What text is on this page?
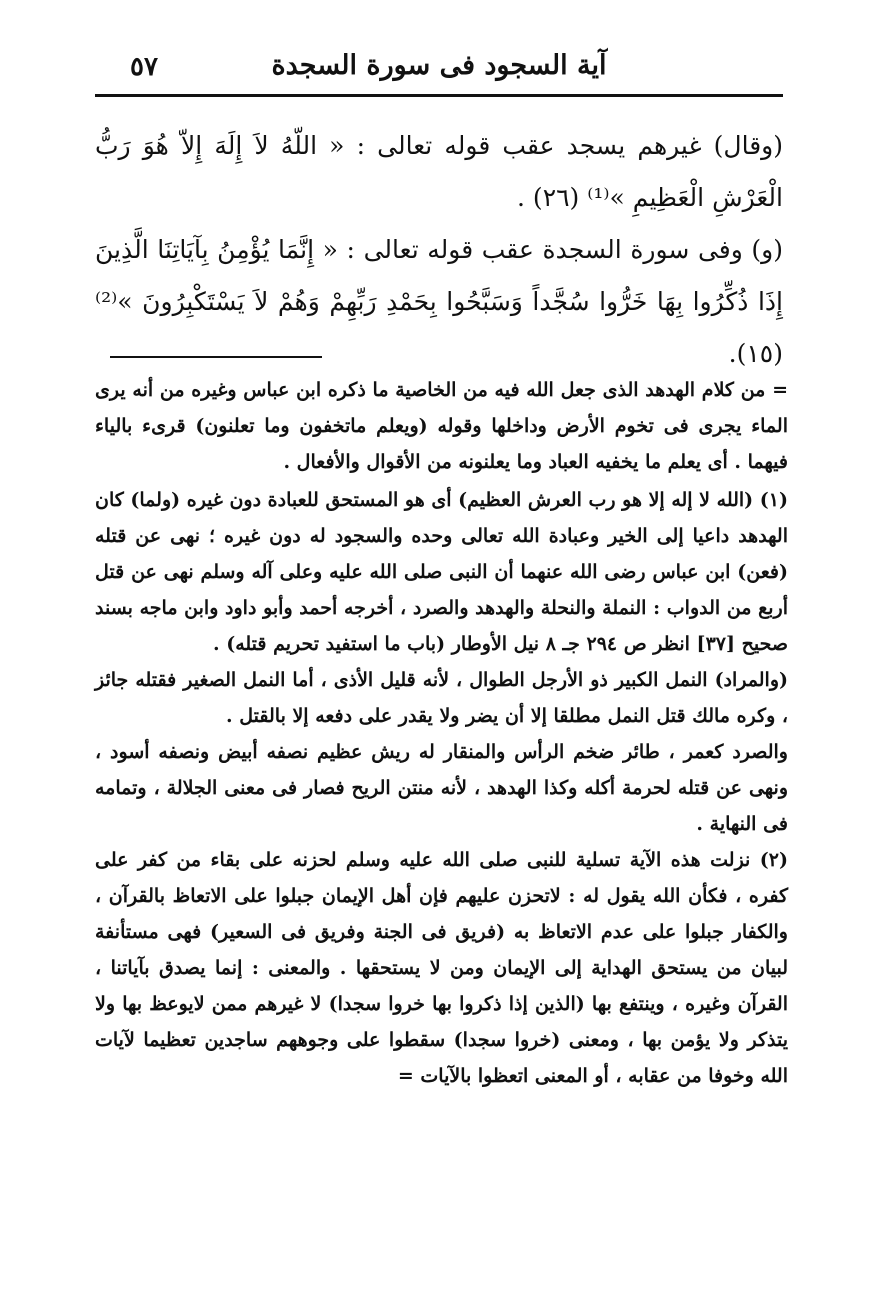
آية السجود فى سورة السجدة
٥٧

(وقال) غيرهم يسجد عقب قوله تعالى : « اللّهُ لاَ إِلَهَ إِلاّ هُوَ رَبُّ الْعَرْشِ الْعَظِيمِ »⁽¹⁾ (٢٦) .

(و) وفى سورة السجدة عقب قوله تعالى : « إِنَّمَا يُؤْمِنُ بِآيَاتِنَا الَّذِينَ إِذَا ذُكِّرُوا بِهَا خَرُّوا سُجَّداً وَسَبَّحُوا بِحَمْدِ رَبِّهِمْ وَهُمْ لاَ يَسْتَكْبِرُونَ »⁽²⁾ (١٥).

= من كلام الهدهد الذى جعل الله فيه من الخاصية ما ذكره ابن عباس وغيره من أنه يرى الماء يجرى فى تخوم الأرض وداخلها وقوله (ويعلم ماتخفون وما تعلنون) قرىء بالياء فيهما . أى يعلم ما يخفيه العباد وما يعلنونه من الأقوال والأفعال .

(١) (الله لا إله إلا هو رب العرش العظيم) أى هو المستحق للعبادة دون غيره (ولما) كان الهدهد داعيا إلى الخير وعبادة الله تعالى وحده والسجود له دون غيره ؛ نهى عن قتله (فعن) ابن عباس رضى الله عنهما أن النبى صلى الله عليه وعلى آله وسلم نهى عن قتل أربع من الدواب : النملة والنحلة والهدهد والصرد ، أخرجه أحمد وأبو داود وابن ماجه بسند صحيح [٣٧] انظر ص ٢٩٤ جـ ٨ نيل الأوطار (باب ما استفيد تحريم قتله) .

(والمراد) النمل الكبير ذو الأرجل الطوال ، لأنه قليل الأذى ، أما النمل الصغير فقتله جائز ، وكره مالك قتل النمل مطلقا إلا أن يضر ولا يقدر على دفعه إلا بالقتل .

والصرد كعمر ، طائر ضخم الرأس والمنقار له ريش عظيم نصفه أبيض ونصفه أسود ، ونهى عن قتله لحرمة أكله وكذا الهدهد ، لأنه منتن الريح فصار فى معنى الجلالة ، وتمامه فى النهاية .

(٢) نزلت هذه الآية تسلية للنبى صلى الله عليه وسلم لحزنه على بقاء من كفر على كفره ، فكأن الله يقول له : لاتحزن عليهم فإن أهل الإيمان جبلوا على الاتعاظ بالقرآن ، والكفار جبلوا على عدم الاتعاظ به (فريق فى الجنة وفريق فى السعير) فهى مستأنفة لبيان من يستحق الهداية إلى الإيمان ومن لا يستحقها . والمعنى : إنما يصدق بآياتنا ، القرآن وغيره ، وينتفع بها (الذين إذا ذكروا بها خروا سجدا) لا غيرهم ممن لايوعظ بها ولا يتذكر ولا يؤمن بها ، ومعنى (خروا سجدا) سقطوا على وجوههم ساجدين تعظيما لآيات الله وخوفا من عقابه ، أو المعنى اتعظوا بالآيات =
